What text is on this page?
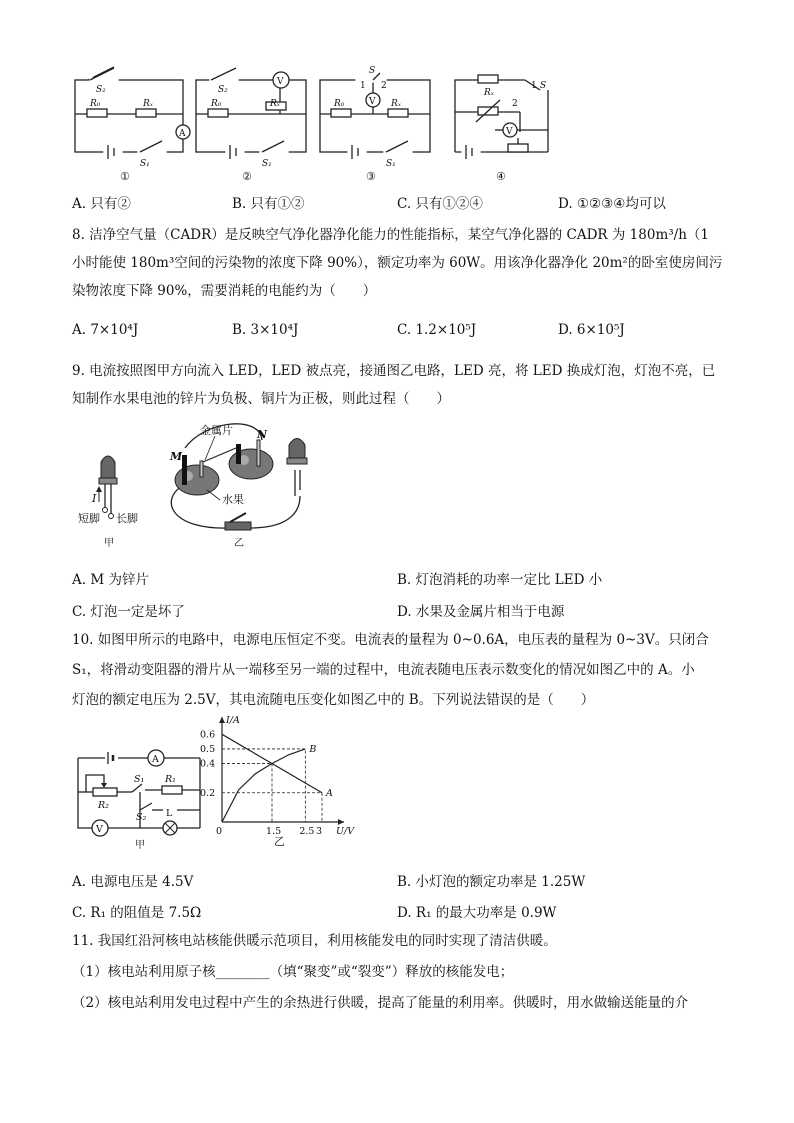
S₂
R₀	Rₓ
S₁
A
S₂
R₀	Rₓ
S₁
V
S
1 2
R₀	Rₓ
S₁
V
Rₓ
S
1
2
V
①	②	③	④
A. 只有②	B. 只有①②	C. 只有①②④	D. ①②③④均可以
8. 洁净空气量（CADR）是反映空气净化器净化能力的性能指标，某空气净化器的 CADR 为 180m³/h（1
小时能使 180m³空间的污染物的浓度下降 90%），额定功率为 60W。用该净化器净化 20m²的卧室使房间污
染物浓度下降 90%，需要消耗的电能约为（　　）
A. 7×10⁴J	B. 3×10⁴J	C. 1.2×10⁵J	D. 6×10⁵J
9. 电流按照图甲方向流入 LED，LED 被点亮，接通图乙电路，LED 亮，将 LED 换成灯泡，灯泡不亮，已
知制作水果电池的锌片为负极、铜片为正极，则此过程（　　）
金属片
M
N
水果
I
短脚 长脚
甲	乙
A. M 为锌片	B. 灯泡消耗的功率一定比 LED 小
C. 灯泡一定是坏了	D. 水果及金属片相当于电源
10. 如图甲所示的电路中，电源电压恒定不变。电流表的量程为 0~0.6A，电压表的量程为 0~3V。只闭合
S₁，将滑动变阻器的滑片从一端移至另一端的过程中，电流表随电压表示数变化的情况如图乙中的 A。小
灯泡的额定电压为 2.5V，其电流随电压变化如图乙中的 B。下列说法错误的是（　　）
A
S₁ R₁
R₂
S₂ L
V
甲
0.2
0.4
0.5
0.6
0	1.5 2.5 3
A
B
U/V
I/A
乙
A. 电源电压是 4.5V	B. 小灯泡的额定功率是 1.25W
C. R₁ 的阻值是 7.5Ω	D. R₁ 的最大功率是 0.9W
11. 我国红沿河核电站核能供暖示范项目，利用核能发电的同时实现了清洁供暖。
（1）核电站利用原子核________（填“聚变”或“裂变”）释放的核能发电；
（2）核电站利用发电过程中产生的余热进行供暖，提高了能量的利用率。供暖时，用水做输送能量的介
